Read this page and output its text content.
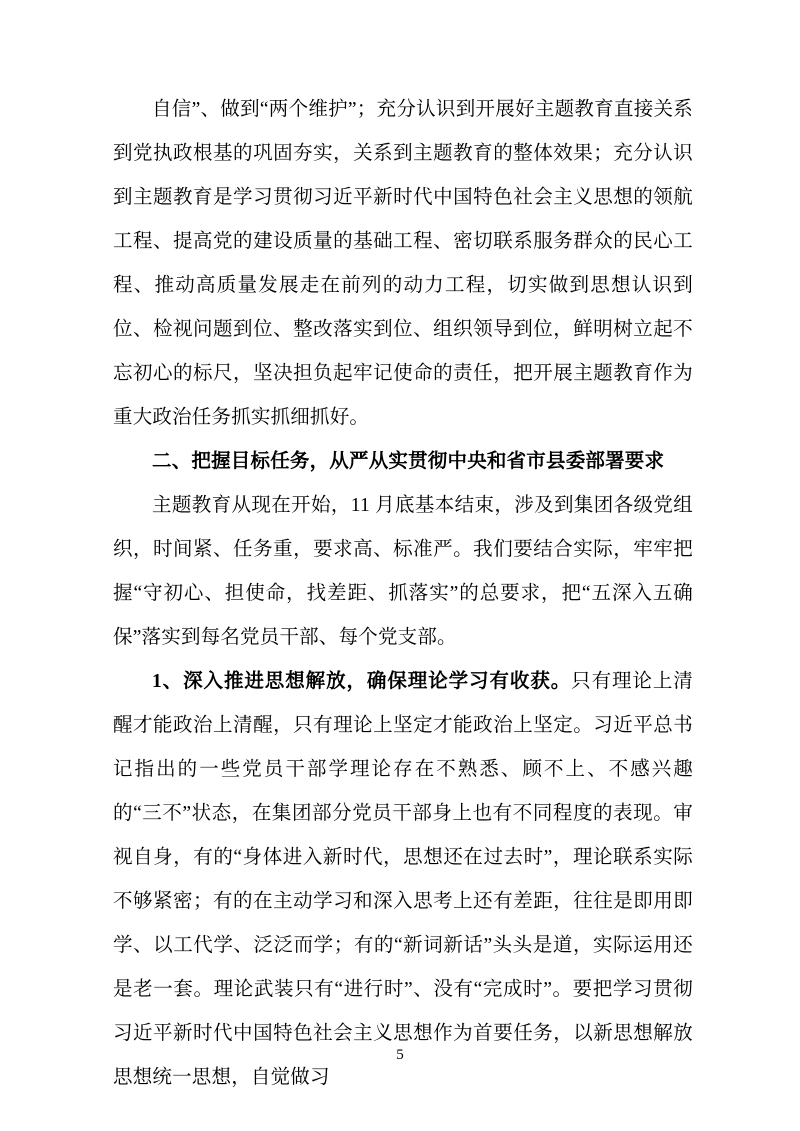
自信”、做到“两个维护”；充分认识到开展好主题教育直接关系到党执政根基的巩固夯实，关系到主题教育的整体效果；充分认识到主题教育是学习贯彻习近平新时代中国特色社会主义思想的领航工程、提高党的建设质量的基础工程、密切联系服务群众的民心工程、推动高质量发展走在前列的动力工程，切实做到思想认识到位、检视问题到位、整改落实到位、组织领导到位，鲜明树立起不忘初心的标尺，坚决担负起牢记使命的责任，把开展主题教育作为重大政治任务抓实抓细抓好。

二、把握目标任务，从严从实贯彻中央和省市县委部署要求

主题教育从现在开始，11 月底基本结束，涉及到集团各级党组织，时间紧、任务重，要求高、标准严。我们要结合实际，牢牢把握“守初心、担使命，找差距、抓落实”的总要求，把“五深入五确保”落实到每名党员干部、每个党支部。

1、深入推进思想解放，确保理论学习有收获。只有理论上清醒才能政治上清醒，只有理论上坚定才能政治上坚定。习近平总书记指出的一些党员干部学理论存在不熟悉、顾不上、不感兴趣的“三不”状态，在集团部分党员干部身上也有不同程度的表现。审视自身，有的“身体进入新时代，思想还在过去时”，理论联系实际不够紧密；有的在主动学习和深入思考上还有差距，往往是即用即学、以工代学、泛泛而学；有的“新词新话”头头是道，实际运用还是老一套。理论武装只有“进行时”、没有“完成时”。要把学习贯彻习近平新时代中国特色社会主义思想作为首要任务，以新思想解放思想统一思想，自觉做习

5
